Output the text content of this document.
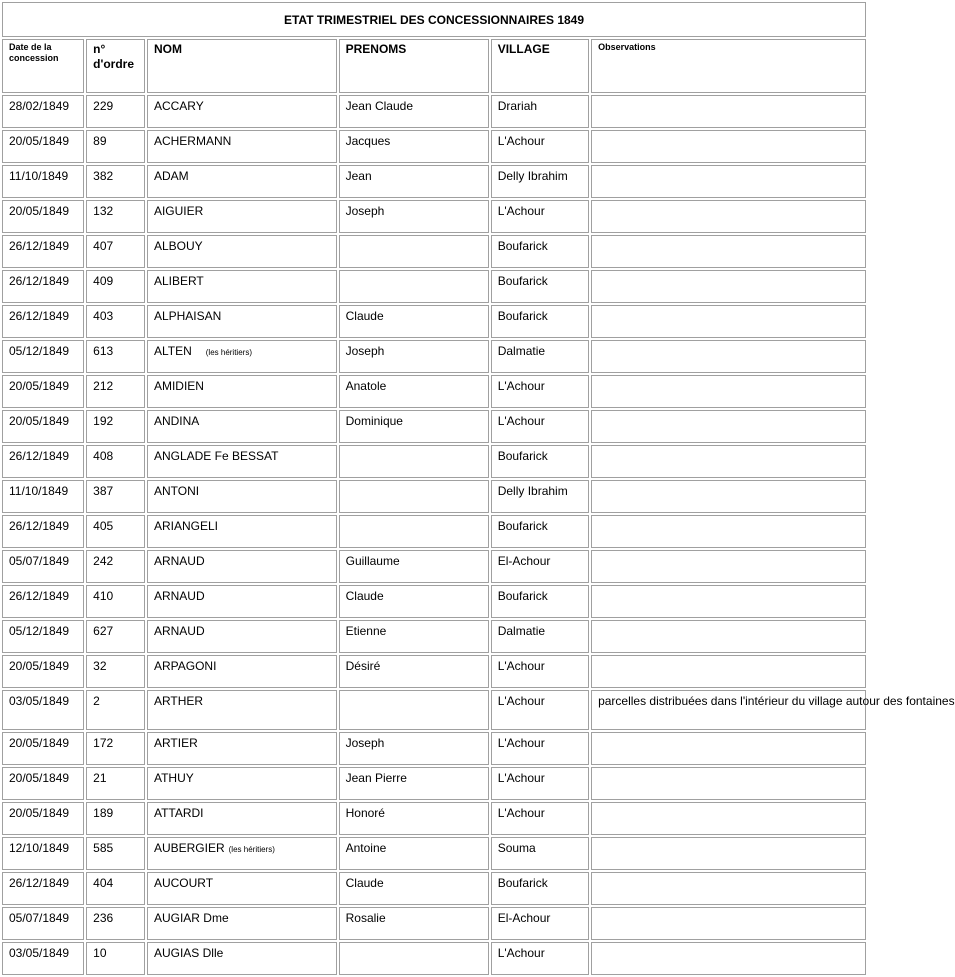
ETAT TRIMESTRIEL DES CONCESSIONNAIRES 1849					
Date de la concession	n° d'ordre	NOM	PRENOMS	VILLAGE	Observations
28/02/1849	229	ACCARY	Jean Claude	Drariah	
20/05/1849	89	ACHERMANN	Jacques	L'Achour	
11/10/1849	382	ADAM	Jean	Delly Ibrahim	
20/05/1849	132	AIGUIER	Joseph	L'Achour	
26/12/1849	407	ALBOUY		Boufarick	
26/12/1849	409	ALIBERT		Boufarick	
26/12/1849	403	ALPHAISAN	Claude	Boufarick	
05/12/1849	613	ALTEN (les héritiers)	Joseph	Dalmatie	
20/05/1849	212	AMIDIEN	Anatole	L'Achour	
20/05/1849	192	ANDINA	Dominique	L'Achour	
26/12/1849	408	ANGLADE Fe BESSAT		Boufarick	
11/10/1849	387	ANTONI		Delly Ibrahim	
26/12/1849	405	ARIANGELI		Boufarick	
05/07/1849	242	ARNAUD	Guillaume	El-Achour	
26/12/1849	410	ARNAUD	Claude	Boufarick	
05/12/1849	627	ARNAUD	Etienne	Dalmatie	
20/05/1849	32	ARPAGONI	Désiré	L'Achour	
03/05/1849	2	ARTHER		L'Achour	parcelles distribuées dans l'intérieur du village autour des fontaines
20/05/1849	172	ARTIER	Joseph	L'Achour	
20/05/1849	21	ATHUY	Jean Pierre	L'Achour	
20/05/1849	189	ATTARDI	Honoré	L'Achour	
12/10/1849	585	AUBERGIER (les héritiers)	Antoine	Souma	
26/12/1849	404	AUCOURT	Claude	Boufarick	
05/07/1849	236	AUGIAR Dme	Rosalie	El-Achour	
03/05/1849	10	AUGIAS Dlle		L'Achour	
